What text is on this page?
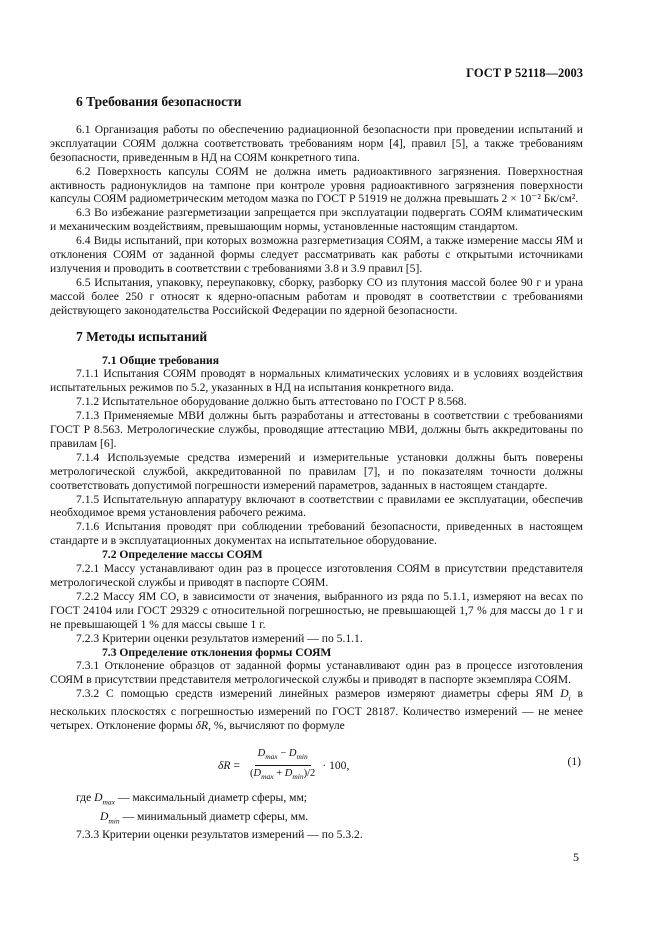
ГОСТ Р 52118—2003
6 Требования безопасности

6.1 Организация работы по обеспечению радиационной безопасности при проведении испытаний и эксплуатации СОЯМ должна соответствовать требованиям норм [4], правил [5], а также требованиям безопасности, приведенным в НД на СОЯМ конкретного типа.

6.2 Поверхность капсулы СОЯМ не должна иметь радиоактивного загрязнения. Поверхностная активность радионуклидов на тампоне при контроле уровня радиоактивного загрязнения поверхности капсулы СОЯМ радиометрическим методом мазка по ГОСТ Р 51919 не должна превышать 2 × 10⁻² Бк/см².

6.3 Во избежание разгерметизации запрещается при эксплуатации подвергать СОЯМ климатическим и механическим воздействиям, превышающим нормы, установленные настоящим стандартом.

6.4 Виды испытаний, при которых возможна разгерметизация СОЯМ, а также измерение массы ЯМ и отклонения СОЯМ от заданной формы следует рассматривать как работы с открытыми источниками излучения и проводить в соответствии с требованиями 3.8 и 3.9 правил [5].

6.5 Испытания, упаковку, переупаковку, сборку, разборку СО из плутония массой более 90 г и урана массой более 250 г относят к ядерно-опасным работам и проводят в соответствии с требованиями действующего законодательства Российской Федерации по ядерной безопасности.

7 Методы испытаний

7.1 Общие требования

7.1.1 Испытания СОЯМ проводят в нормальных климатических условиях и в условиях воздействия испытательных режимов по 5.2, указанных в НД на испытания конкретного вида.

7.1.2 Испытательное оборудование должно быть аттестовано по ГОСТ Р 8.568.

7.1.3 Применяемые МВИ должны быть разработаны и аттестованы в соответствии с требованиями ГОСТ Р 8.563. Метрологические службы, проводящие аттестацию МВИ, должны быть аккредитованы по правилам [6].

7.1.4 Используемые средства измерений и измерительные установки должны быть поверены метрологической службой, аккредитованной по правилам [7], и по показателям точности должны соответствовать допустимой погрешности измерений параметров, заданных в настоящем стандарте.

7.1.5 Испытательную аппаратуру включают в соответствии с правилами ее эксплуатации, обеспечив необходимое время установления рабочего режима.

7.1.6 Испытания проводят при соблюдении требований безопасности, приведенных в настоящем стандарте и в эксплуатационных документах на испытательное оборудование.

7.2 Определение массы СОЯМ

7.2.1 Массу устанавливают один раз в процессе изготовления СОЯМ в присутствии представителя метрологической службы и приводят в паспорте СОЯМ.

7.2.2 Массу ЯМ СО, в зависимости от значения, выбранного из ряда по 5.1.1, измеряют на весах по ГОСТ 24104 или ГОСТ 29329 с относительной погрешностью, не превышающей 1,7 % для массы до 1 г и не превышающей 1 % для массы свыше 1 г.

7.2.3 Критерии оценки результатов измерений — по 5.1.1.

7.3 Определение отклонения формы СОЯМ

7.3.1 Отклонение образцов от заданной формы устанавливают один раз в процессе изготовления СОЯМ в присутствии представителя метрологической службы и приводят в паспорте экземпляра СОЯМ.

7.3.2 С помощью средств измерений линейных размеров измеряют диаметры сферы ЯМ $D_i$ в нескольких плоскостях с погрешностью измерений по ГОСТ 28187. Количество измерений — не менее четырех. Отклонение формы δR, %, вычисляют по формуле

$\delta R = \frac{D_{max} - D_{min}}{(D_{max} + D_{min})/2} \cdot 100$,	(1)

где $D_{max}$ — максимальный диаметр сферы, мм;

$D_{min}$ — минимальный диаметр сферы, мм.

7.3.3 Критерии оценки результатов измерений — по 5.3.2.

5
